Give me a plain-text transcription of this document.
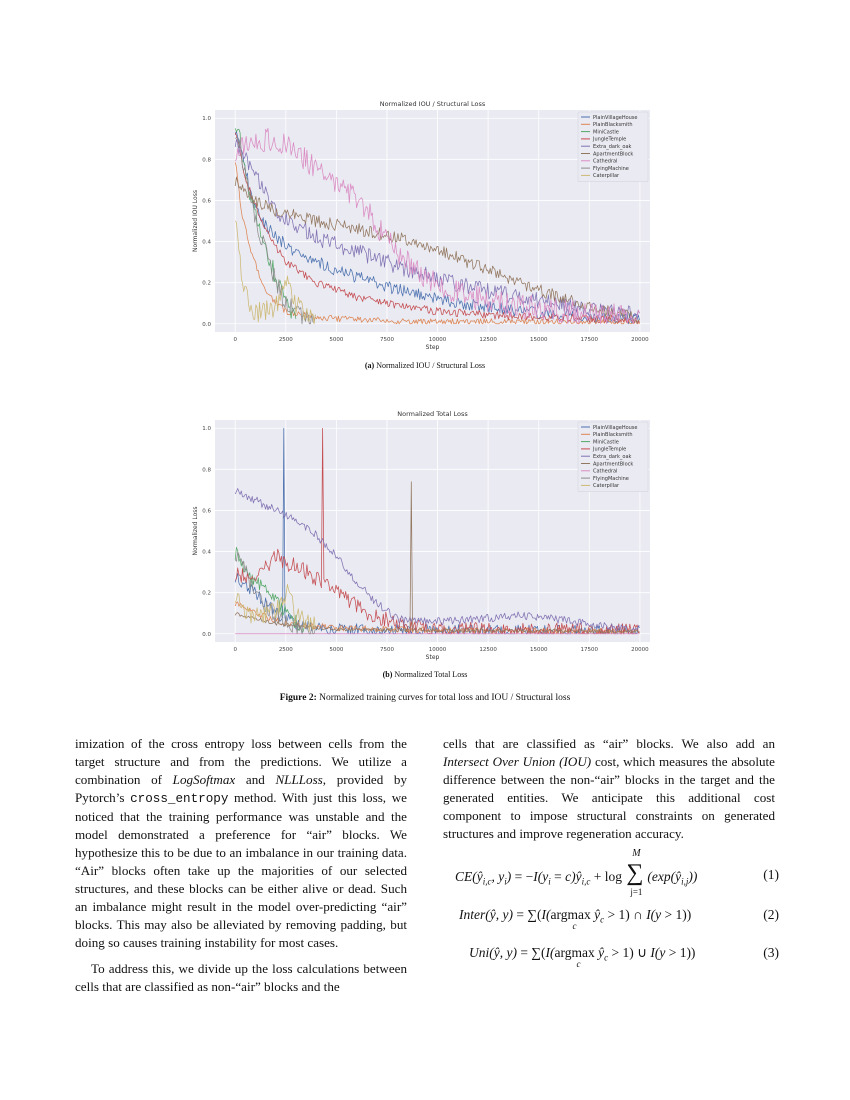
Normalized IOU / Structural Loss
0	2500	5000	7500	10000	12500	15000	17500	20000
0.0
0.2
0.4
0.6
0.8
1.0
Step
Normalized IOU Loss
PlainVillageHouse
PlainBlacksmith
MiniCastle
JungleTemple
Extra_dark_oak
ApartmentBlock
Cathedral
FlyingMachine
Caterpillar
(a) Normalized IOU / Structural Loss
Normalized Total Loss
0	2500	5000	7500	10000	12500	15000	17500	20000
0.0
0.2
0.4
0.6
0.8
1.0
Step
Normalized Loss
PlainVillageHouse
PlainBlacksmith
MiniCastle
JungleTemple
Extra_dark_oak
ApartmentBlock
Cathedral
FlyingMachine
Caterpillar
(b) Normalized Total Loss
Figure 2: Normalized training curves for total loss and IOU / Structural loss

imization of the cross entropy loss between cells from the target structure and from the predictions. We utilize a combination of LogSoftmax and NLLLoss, provided by Pytorch’s cross_entropy method. With just this loss, we noticed that the training performance was unstable and the model demonstrated a preference for “air” blocks. We hypothesize this to be due to an imbalance in our training data. “Air” blocks often take up the majorities of our selected structures, and these blocks can be either alive or dead. Such an imbalance might result in the model over-predicting “air” blocks. This may also be alleviated by removing padding, but doing so causes training instability for most cases.

To address this, we divide up the loss calculations between cells that are classified as non-“air” blocks and the

cells that are classified as “air” blocks. We also add an Intersect Over Union (IOU) cost, which measures the absolute difference between the non-“air” blocks in the target and the generated entities. We anticipate this additional cost component to impose structural constraints on generated structures and improve regeneration accuracy.

$CE(ŷ_{i,c}$, $y_i) = -I(y_i$ = $c)ŷ_{i,c} + \log$
M
∑
j=1
$(\exp(ŷ_{i,j}))$	(1)
Inter(ŷ, y) = ∑(I(argmax
c
$ŷ_c > 1$) ∩ I(y > 1))	(2)
Uni(ŷ, y) = ∑(I(argmax
c
$ŷ_c > 1$) ∪ I(y > 1))	(3)
